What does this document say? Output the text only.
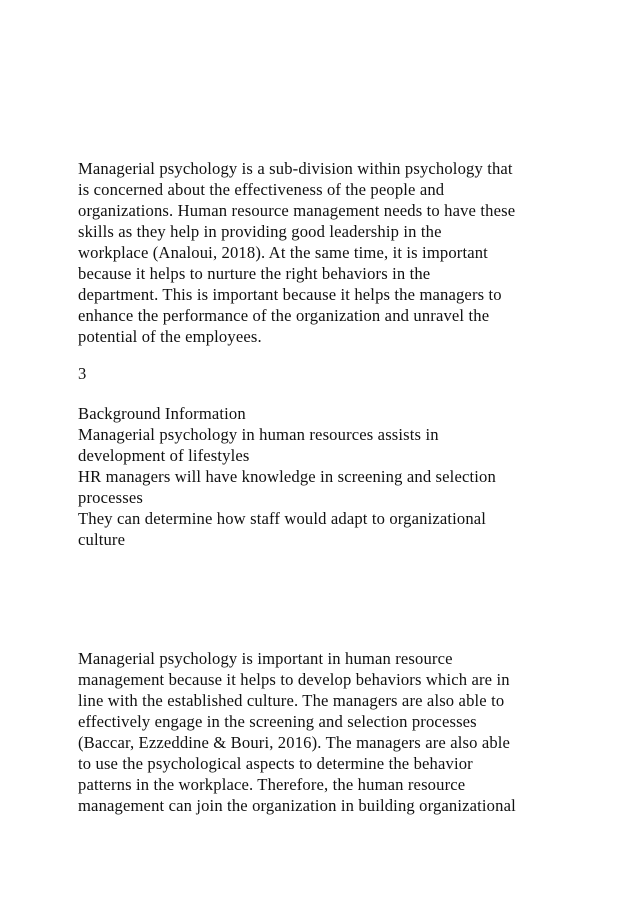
Managerial psychology is a sub-division within psychology that

is concerned about the effectiveness of the people and

organizations. Human resource management needs to have these

skills as they help in providing good leadership in the

workplace (Analoui, 2018). At the same time, it is important

because it helps to nurture the right behaviors in the

department. This is important because it helps the managers to

enhance the performance of the organization and unravel the

potential of the employees.

3

Background Information

Managerial psychology in human resources assists in

development of lifestyles

HR managers will have knowledge in screening and selection

processes

They can determine how staff would adapt to organizational

culture

Managerial psychology is important in human resource

management because it helps to develop behaviors which are in

line with the established culture. The managers are also able to

effectively engage in the screening and selection processes

(Baccar, Ezzeddine & Bouri, 2016). The managers are also able

to use the psychological aspects to determine the behavior

patterns in the workplace. Therefore, the human resource

management can join the organization in building organizational
